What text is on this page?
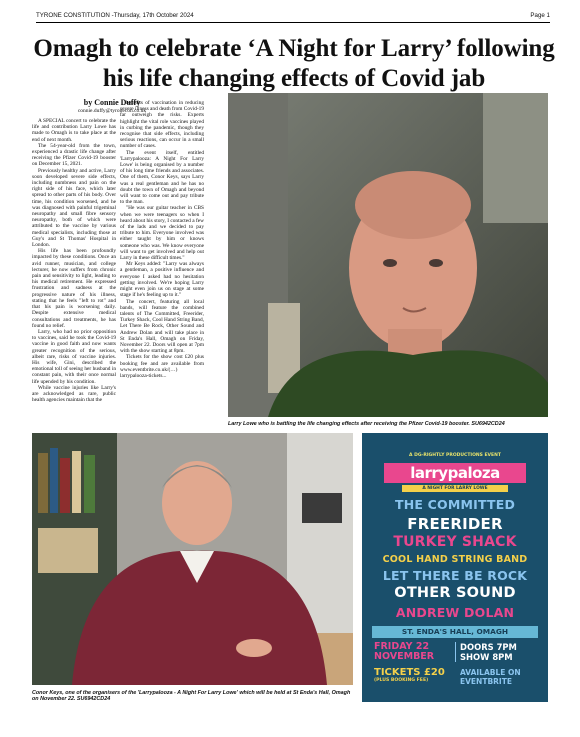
TYRONE CONSTITUTION -Thursday, 17th October 2024	Page 1
Omagh to celebrate ‘A Night for Larry’ following his life changing effects of Covid jab
by Connie Duffy
connie.duffy@tyronecon.co.uk

A SPECIAL concert to celebrate the life and contribution Larry Lowe has made to Omagh is to take place at the end of next month.

The 54-year-old from the town, experienced a drastic life change after receiving the Pfizer Covid-19 booster on December 15, 2021.

Previously healthy and active, Larry soon developed severe side effects, including numbness and pain on the right side of his face, which later spread to other parts of his body. Over time, his condition worsened, and he was diagnosed with painful trigeminal neuropathy and small fibre sensory neuropathy, both of which were attributed to the vaccine by various medical specialists, including those at Guy's and St Thomas' Hospital in London.

His life has been profoundly impacted by these conditions. Once an avid runner, musician, and college lecturer, he now suffers from chronic pain and sensitivity to light, leading to his medical retirement. He expressed frustration and sadness at the progressive nature of his illness, stating that he feels "left to rot" and that his pain is worsening daily. Despite extensive medical consultations and treatments, he has found no relief.

Larry, who had no prior opposition to vaccines, said he took the Covid-19 vaccine in good faith and now wants greater recognition of the serious, albeit rare, risks of vaccine injuries. His wife, Gini, described the emotional toll of seeing her husband in constant pain, with their once normal life upended by his condition.

While vaccine injuries like Larry's are acknowledged as rare, public health agencies maintain that the

benefits of vaccination in reducing severe illness and death from Covid-19 far outweigh the risks. Experts highlight the vital role vaccines played in curbing the pandemic, though they recognise that side effects, including serious reactions, can occur in a small number of cases.

The event itself, entitled 'Larrypalooza: A Night For Larry Lowe' is being organised by a number of his long time friends and associates. One of them, Conor Keys, says Larry was a real gentleman and he has no doubt the town of Omagh and beyond will want to come out and pay tribute to the man.

"He was our guitar teacher in CBS when we were teenagers so when I heard about his story, I contacted a few of the lads and we decided to pay tribute to him. Everyone involved was either taught by him or knows someone who was. We know everyone will want to get involved and help out Larry in these difficult times."

Mr Keys added: "Larry was always a gentleman, a positive influence and everyone I asked had no hesitation getting involved. We're hoping Larry might even join us on stage at some stage if he's feeling up to it."

The concert, featuring all local bands, will feature the combined talents of The Committed, Freerider, Turkey Shack, Cool Hand String Band, Let There Be Rock, Other Sound and Andrew Dolan and will take place in St Enda's Hall, Omagh on Friday, November 22. Doors will open at 7pm with the show starting at 8pm.

Tickets for the show cost £20 plus booking fee and are available from www.eventbrite.co.uk/(…) larrypalooza-tickets...

Larry Lowe who is battling the life changing effects after receiving the Pfizer Covid-19 booster. SU6942CD24
Conor Keys, one of the organisers of the 'Larrypalooza - A Night For Larry Lowe' which will be held at St Enda's Hall, Omagh on November 22. SU6942CD24
A DG-RIGHTLY PRODUCTIONS EVENT
larrypaloza
A NIGHT FOR LARRY LOWE
THE COMMITTED
FREERIDER
TURKEY SHACK
COOL HAND STRING BAND
LET THERE BE ROCK
OTHER SOUND
ANDREW DOLAN
ST. ENDA'S HALL, OMAGH
FRIDAY 22
NOVEMBER
DOORS 7PM
SHOW 8PM
TICKETS £20
(PLUS BOOKING FEE)
AVAILABLE ON
EVENTBRITE
